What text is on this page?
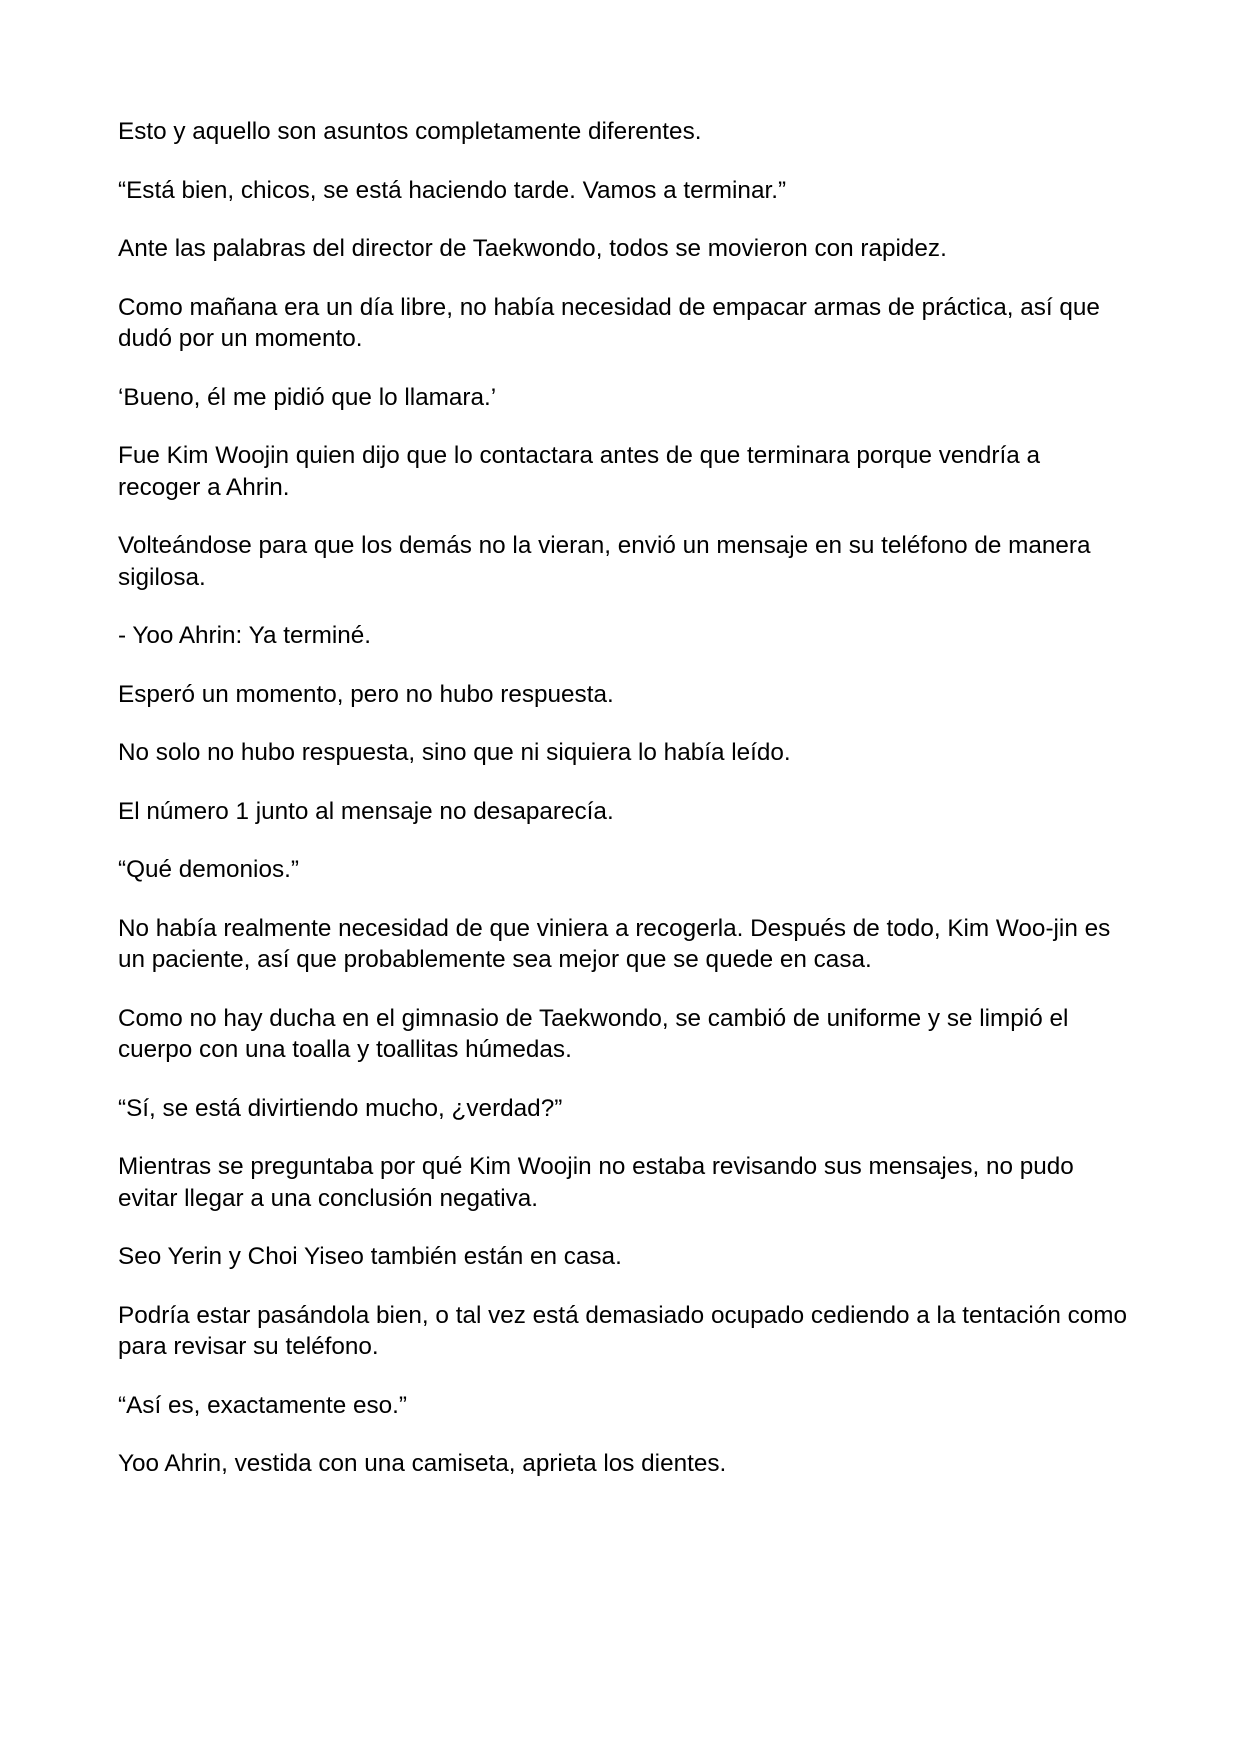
Esto y aquello son asuntos completamente diferentes.

“Está bien, chicos, se está haciendo tarde. Vamos a terminar.”

Ante las palabras del director de Taekwondo, todos se movieron con rapidez.

Como mañana era un día libre, no había necesidad de empacar armas de práctica, así que dudó por un momento.

‘Bueno, él me pidió que lo llamara.’

Fue Kim Woojin quien dijo que lo contactara antes de que terminara porque vendría a recoger a Ahrin.

Volteándose para que los demás no la vieran, envió un mensaje en su teléfono de manera sigilosa.

- Yoo Ahrin: Ya terminé.

Esperó un momento, pero no hubo respuesta.

No solo no hubo respuesta, sino que ni siquiera lo había leído.

El número 1 junto al mensaje no desaparecía.

“Qué demonios.”

No había realmente necesidad de que viniera a recogerla. Después de todo, Kim Woo-jin es un paciente, así que probablemente sea mejor que se quede en casa.

Como no hay ducha en el gimnasio de Taekwondo, se cambió de uniforme y se limpió el cuerpo con una toalla y toallitas húmedas.

“Sí, se está divirtiendo mucho, ¿verdad?”

Mientras se preguntaba por qué Kim Woojin no estaba revisando sus mensajes, no pudo evitar llegar a una conclusión negativa.

Seo Yerin y Choi Yiseo también están en casa.

Podría estar pasándola bien, o tal vez está demasiado ocupado cediendo a la tentación como para revisar su teléfono.

“Así es, exactamente eso.”

Yoo Ahrin, vestida con una camiseta, aprieta los dientes.
